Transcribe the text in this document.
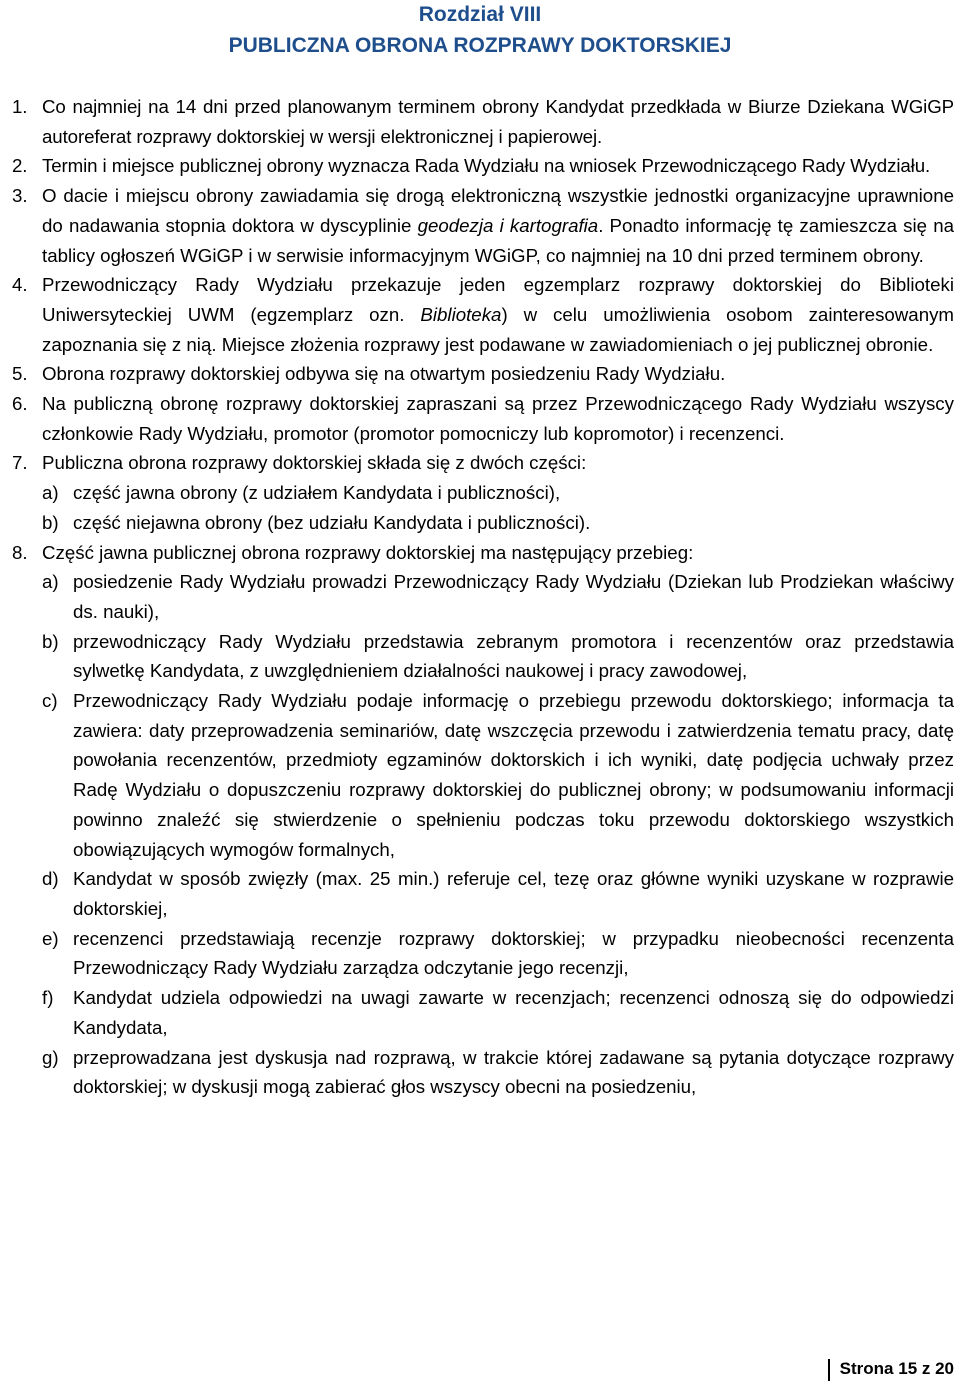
Rozdział VIII
PUBLICZNA OBRONA ROZPRAWY DOKTORSKIEJ
1. Co najmniej na 14 dni przed planowanym terminem obrony Kandydat przedkłada w Biurze Dziekana WGiGP autoreferat rozprawy doktorskiej w wersji elektronicznej i papierowej.
2. Termin i miejsce publicznej obrony wyznacza Rada Wydziału na wniosek Przewodniczącego Rady Wydziału.
3. O dacie i miejscu obrony zawiadamia się drogą elektroniczną wszystkie jednostki organizacyjne uprawnione do nadawania stopnia doktora w dyscyplinie geodezja i kartografia. Ponadto informację tę zamieszcza się na tablicy ogłoszeń WGiGP i w serwisie informacyjnym WGiGP, co najmniej na 10 dni przed terminem obrony.
4. Przewodniczący Rady Wydziału przekazuje jeden egzemplarz rozprawy doktorskiej do Biblioteki Uniwersyteckiej UWM (egzemplarz ozn. Biblioteka) w celu umożliwienia osobom zainteresowanym zapoznania się z nią. Miejsce złożenia rozprawy jest podawane w zawiadomieniach o jej publicznej obronie.
5. Obrona rozprawy doktorskiej odbywa się na otwartym posiedzeniu Rady Wydziału.
6. Na publiczną obronę rozprawy doktorskiej zapraszani są przez Przewodniczącego Rady Wydziału wszyscy członkowie Rady Wydziału, promotor (promotor pomocniczy lub kopromotor) i recenzenci.
7. Publiczna obrona rozprawy doktorskiej składa się z dwóch części:
a) część jawna obrony (z udziałem Kandydata i publiczności),
b) część niejawna obrony (bez udziału Kandydata i publiczności).
8. Część jawna publicznej obrona rozprawy doktorskiej ma następujący przebieg:
a) posiedzenie Rady Wydziału prowadzi Przewodniczący Rady Wydziału (Dziekan lub Prodziekan właściwy ds. nauki),
b) przewodniczący Rady Wydziału przedstawia zebranym promotora i recenzentów oraz przedstawia sylwetkę Kandydata, z uwzględnieniem działalności naukowej i pracy zawodowej,
c) Przewodniczący Rady Wydziału podaje informację o przebiegu przewodu doktorskiego; informacja ta zawiera: daty przeprowadzenia seminariów, datę wszczęcia przewodu i zatwierdzenia tematu pracy, datę powołania recenzentów, przedmioty egzaminów doktorskich i ich wyniki, datę podjęcia uchwały przez Radę Wydziału o dopuszczeniu rozprawy doktorskiej do publicznej obrony; w podsumowaniu informacji powinno znaleźć się stwierdzenie o spełnieniu podczas toku przewodu doktorskiego wszystkich obowiązujących wymogów formalnych,
d) Kandydat w sposób zwięzły (max. 25 min.) referuje cel, tezę oraz główne wyniki uzyskane w rozprawie doktorskiej,
e) recenzenci przedstawiają recenzje rozprawy doktorskiej; w przypadku nieobecności recenzenta Przewodniczący Rady Wydziału zarządza odczytanie jego recenzji,
f)	Kandydat udziela odpowiedzi na uwagi zawarte w recenzjach; recenzenci odnoszą się do odpowiedzi Kandydata,
g) przeprowadzana jest dyskusja nad rozprawą, w trakcie której zadawane są pytania dotyczące rozprawy doktorskiej; w dyskusji mogą zabierać głos wszyscy obecni na posiedzeniu,
Strona 15 z 20
